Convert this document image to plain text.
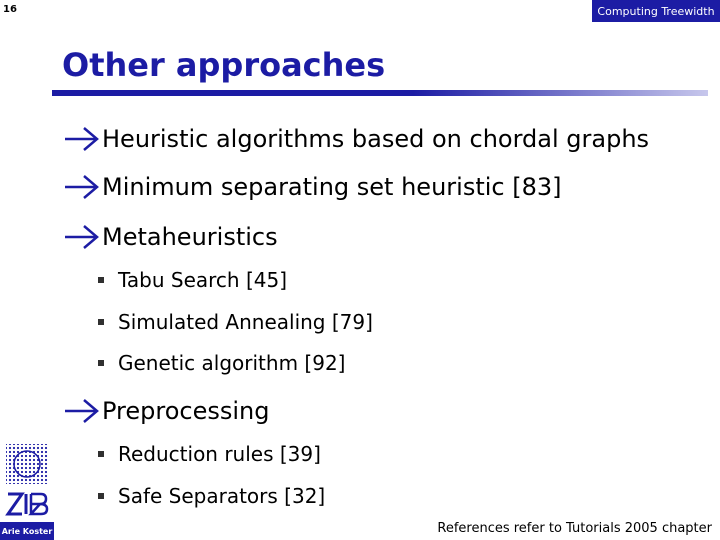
16	Computing Treewidth
Other approaches
Heuristic algorithms based on chordal graphs
Minimum separating set heuristic [83]
Metaheuristics
Tabu Search [45]
Simulated Annealing [79]
Genetic algorithm [92]
Preprocessing
Reduction rules [39]
Safe Separators [32]
Arie Koster	References refer to Tutorials 2005 chapter
